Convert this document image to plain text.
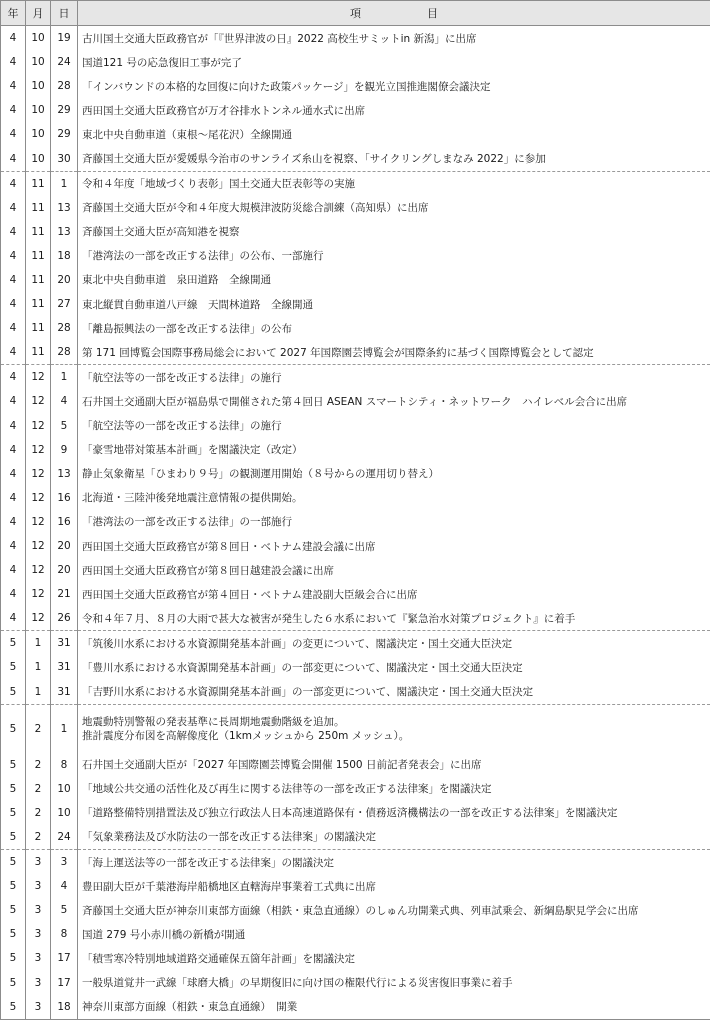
年	月	日	項　　　　　　目
4	10	19	古川国土交通大臣政務官が「『世界津波の日』2022 高校生サミットin 新潟」に出席
4	10	24	国道121 号の応急復旧工事が完了
4	10	28	「インバウンドの本格的な回復に向けた政策パッケージ」を観光立国推進閣僚会議決定
4	10	29	西田国土交通大臣政務官が万才谷排水トンネル通水式に出席
4	10	29	東北中央自動車道（東根〜尾花沢）全線開通
4	10	30	斉藤国土交通大臣が愛媛県今治市のサンライズ糸山を視察、「サイクリングしまなみ 2022」に参加
4	11	1	令和４年度「地域づくり表彰」国土交通大臣表彰等の実施
4	11	13	斉藤国土交通大臣が令和４年度大規模津波防災総合訓練（高知県）に出席
4	11	13	斉藤国土交通大臣が高知港を視察
4	11	18	「港湾法の一部を改正する法律」の公布、一部施行
4	11	20	東北中央自動車道　泉田道路　全線開通
4	11	27	東北縦貫自動車道八戸線　天間林道路　全線開通
4	11	28	「離島振興法の一部を改正する法律」の公布
4	11	28	第 171 回博覧会国際事務局総会において 2027 年国際園芸博覧会が国際条約に基づく国際博覧会として認定
4	12	1	「航空法等の一部を改正する法律」の施行
4	12	4	石井国土交通副大臣が福島県で開催された第４回日 ASEAN スマートシティ・ネットワーク　ハイレベル会合に出席
4	12	5	「航空法等の一部を改正する法律」の施行
4	12	9	「豪雪地帯対策基本計画」を閣議決定（改定）
4	12	13	静止気象衛星「ひまわり９号」の観測運用開始（８号からの運用切り替え）
4	12	16	北海道・三陸沖後発地震注意情報の提供開始。
4	12	16	「港湾法の一部を改正する法律」の一部施行
4	12	20	西田国土交通大臣政務官が第８回日・ベトナム建設会議に出席
4	12	20	西田国土交通大臣政務官が第８回日越建設会議に出席
4	12	21	西田国土交通大臣政務官が第４回日・ベトナム建設副大臣級会合に出席
4	12	26	令和４年７月、８月の大雨で甚大な被害が発生した６水系において『緊急治水対策プロジェクト』に着手
5	1	31	「筑後川水系における水資源開発基本計画」の変更について、閣議決定・国土交通大臣決定
5	1	31	「豊川水系における水資源開発基本計画」の一部変更について、閣議決定・国土交通大臣決定
5	1	31	「吉野川水系における水資源開発基本計画」の一部変更について、閣議決定・国土交通大臣決定
5	2	1	地震動特別警報の発表基準に長周期地震動階級を追加。
推計震度分布図を高解像度化（1kmメッシュから 250m メッシュ）。

5	2	8	石井国土交通副大臣が「2027 年国際園芸博覧会開催 1500 日前記者発表会」に出席
5	2	10	「地域公共交通の活性化及び再生に関する法律等の一部を改正する法律案」を閣議決定
5	2	10	「道路整備特別措置法及び独立行政法人日本高速道路保有・債務返済機構法の一部を改正する法律案」を閣議決定
5	2	24	「気象業務法及び水防法の一部を改正する法律案」の閣議決定
5	3	3	「海上運送法等の一部を改正する法律案」の閣議決定
5	3	4	豊田副大臣が千葉港海岸船橋地区直轄海岸事業着工式典に出席
5	3	5	斉藤国土交通大臣が神奈川東部方面線（相鉄・東急直通線）のしゅん功開業式典、列車試乗会、新綱島駅見学会に出席
5	3	8	国道 279 号小赤川橋の新橋が開通
5	3	17	「積雪寒冷特別地域道路交通確保五箇年計画」を閣議決定
5	3	17	一般県道覚井一武線「球磨大橋」の早期復旧に向け国の権限代行による災害復旧事業に着手
5	3	18	神奈川東部方面線（相鉄・東急直通線）　開業
